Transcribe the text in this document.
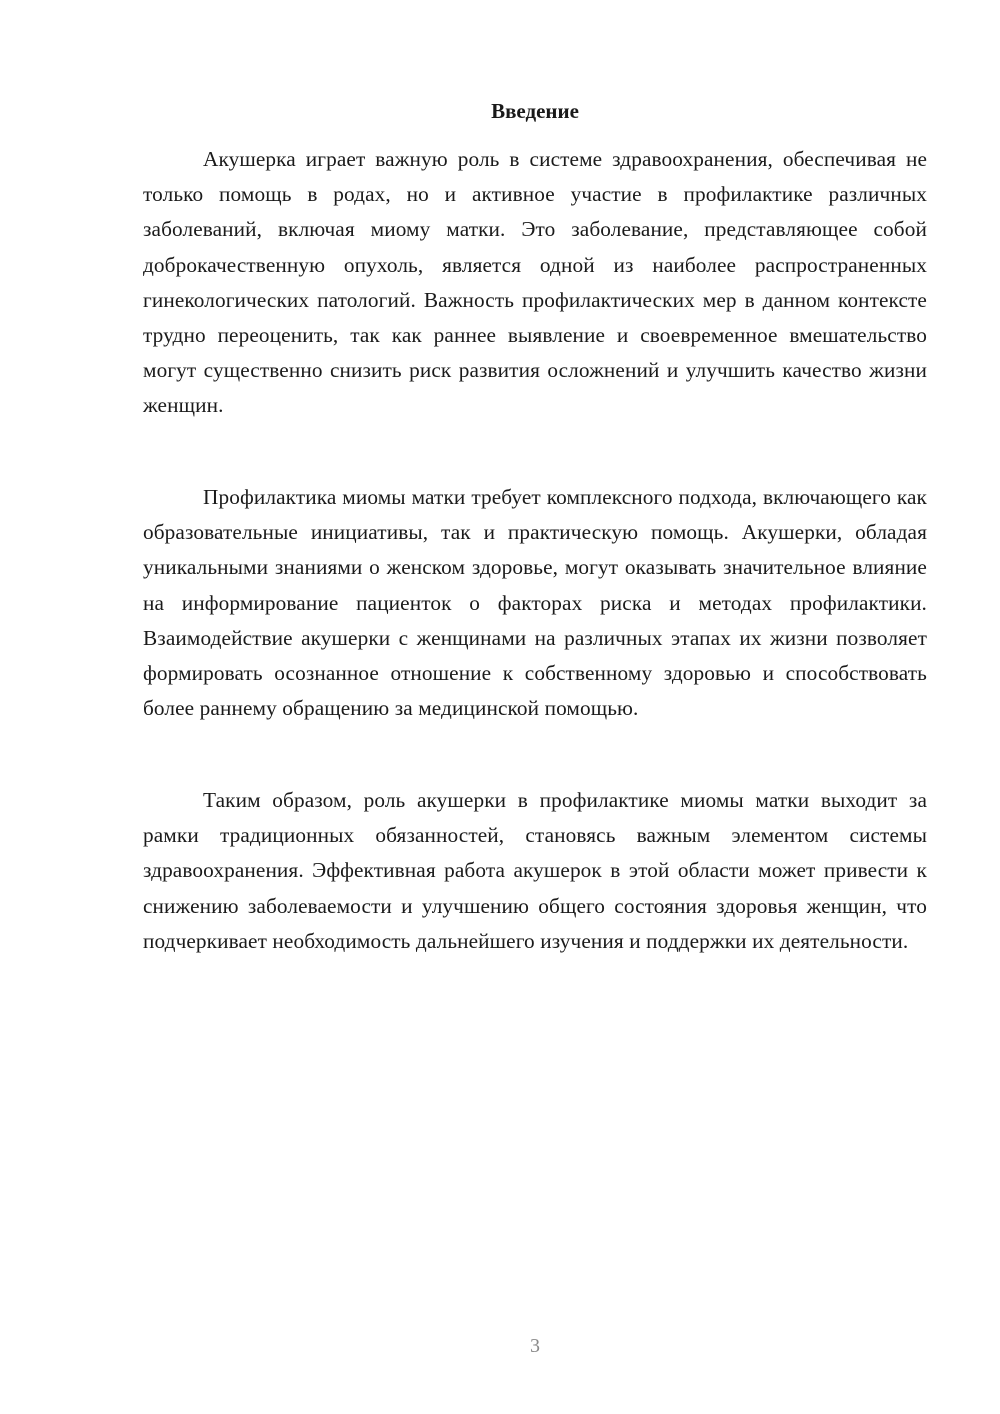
Введение

Акушерка играет важную роль в системе здравоохранения, обеспечивая не только помощь в родах, но и активное участие в профилактике различных заболеваний, включая миому матки. Это заболевание, представляющее собой доброкачественную опухоль, является одной из наиболее распространенных гинекологических патологий. Важность профилактических мер в данном контексте трудно переоценить, так как раннее выявление и своевременное вмешательство могут существенно снизить риск развития осложнений и улучшить качество жизни женщин.

Профилактика миомы матки требует комплексного подхода, включающего как образовательные инициативы, так и практическую помощь. Акушерки, обладая уникальными знаниями о женском здоровье, могут оказывать значительное влияние на информирование пациенток о факторах риска и методах профилактики. Взаимодействие акушерки с женщинами на различных этапах их жизни позволяет формировать осознанное отношение к собственному здоровью и способствовать более раннему обращению за медицинской помощью.

Таким образом, роль акушерки в профилактике миомы матки выходит за рамки традиционных обязанностей, становясь важным элементом системы здравоохранения. Эффективная работа акушерок в этой области может привести к снижению заболеваемости и улучшению общего состояния здоровья женщин, что подчеркивает необходимость дальнейшего изучения и поддержки их деятельности.

3
